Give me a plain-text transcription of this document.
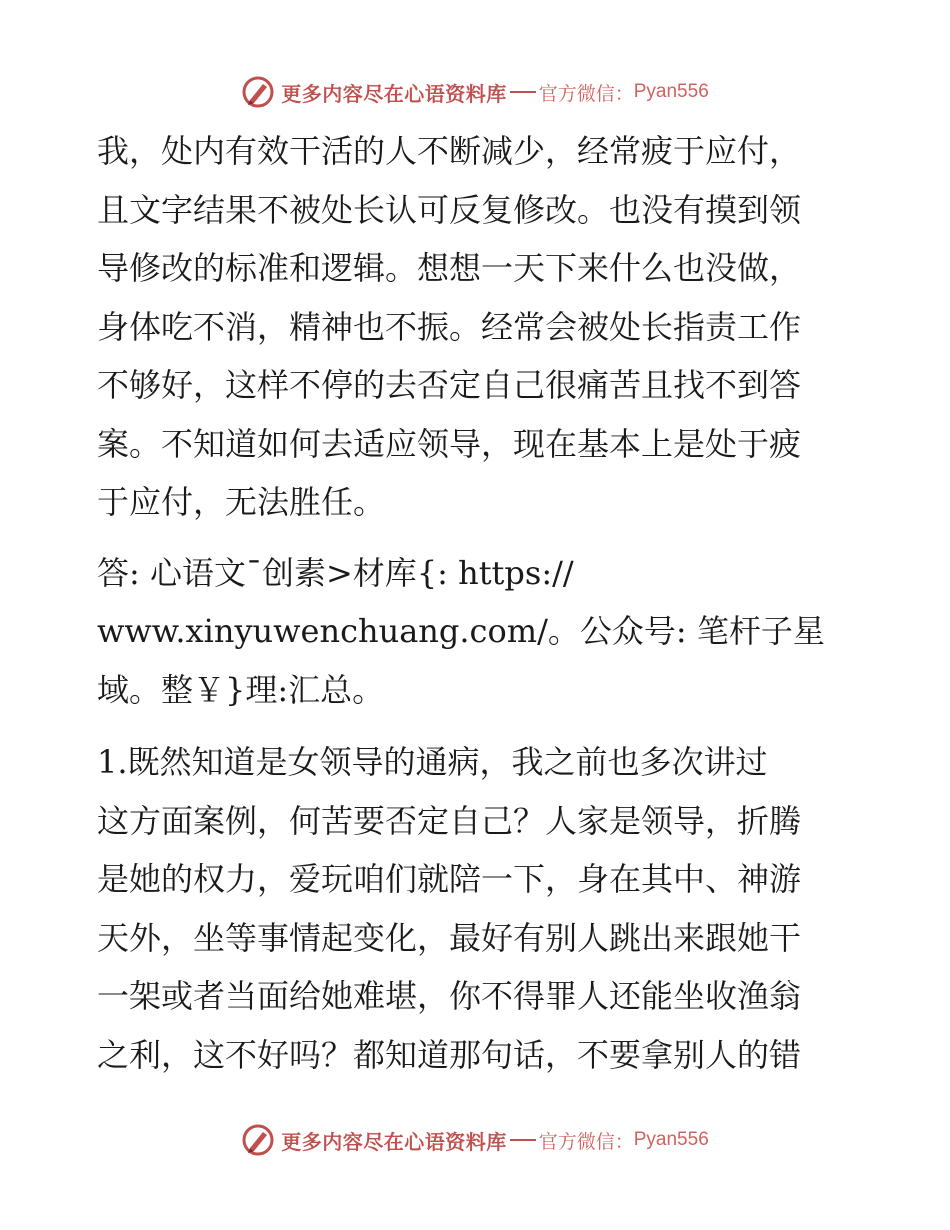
更多内容尽在心语资料库 官方微信： Pyan556

我，处内有效干活的人不断减少，经常疲于应付，
且文字结果不被处长认可反复修改。也没有摸到领
导修改的标准和逻辑。想想一天下来什么也没做，
身体吃不消，精神也不振。经常会被处长指责工作
不够好，这样不停的去否定自己很痛苦且找不到答
案。不知道如何去适应领导，现在基本上是处于疲
于应付，无法胜任。

答: 心语文¯创素>材库{: https://
www.xinyuwenchuang.com/。公众号: 笔杆子星
域。整￥}理:汇总。

1.既然知道是女领导的通病，我之前也多次讲过
这方面案例，何苦要否定自己？人家是领导，折腾
是她的权力，爱玩咱们就陪一下，身在其中、神游
天外，坐等事情起变化，最好有别人跳出来跟她干
一架或者当面给她难堪，你不得罪人还能坐收渔翁
之利，这不好吗？都知道那句话，不要拿别人的错

更多内容尽在心语资料库 官方微信： Pyan556
